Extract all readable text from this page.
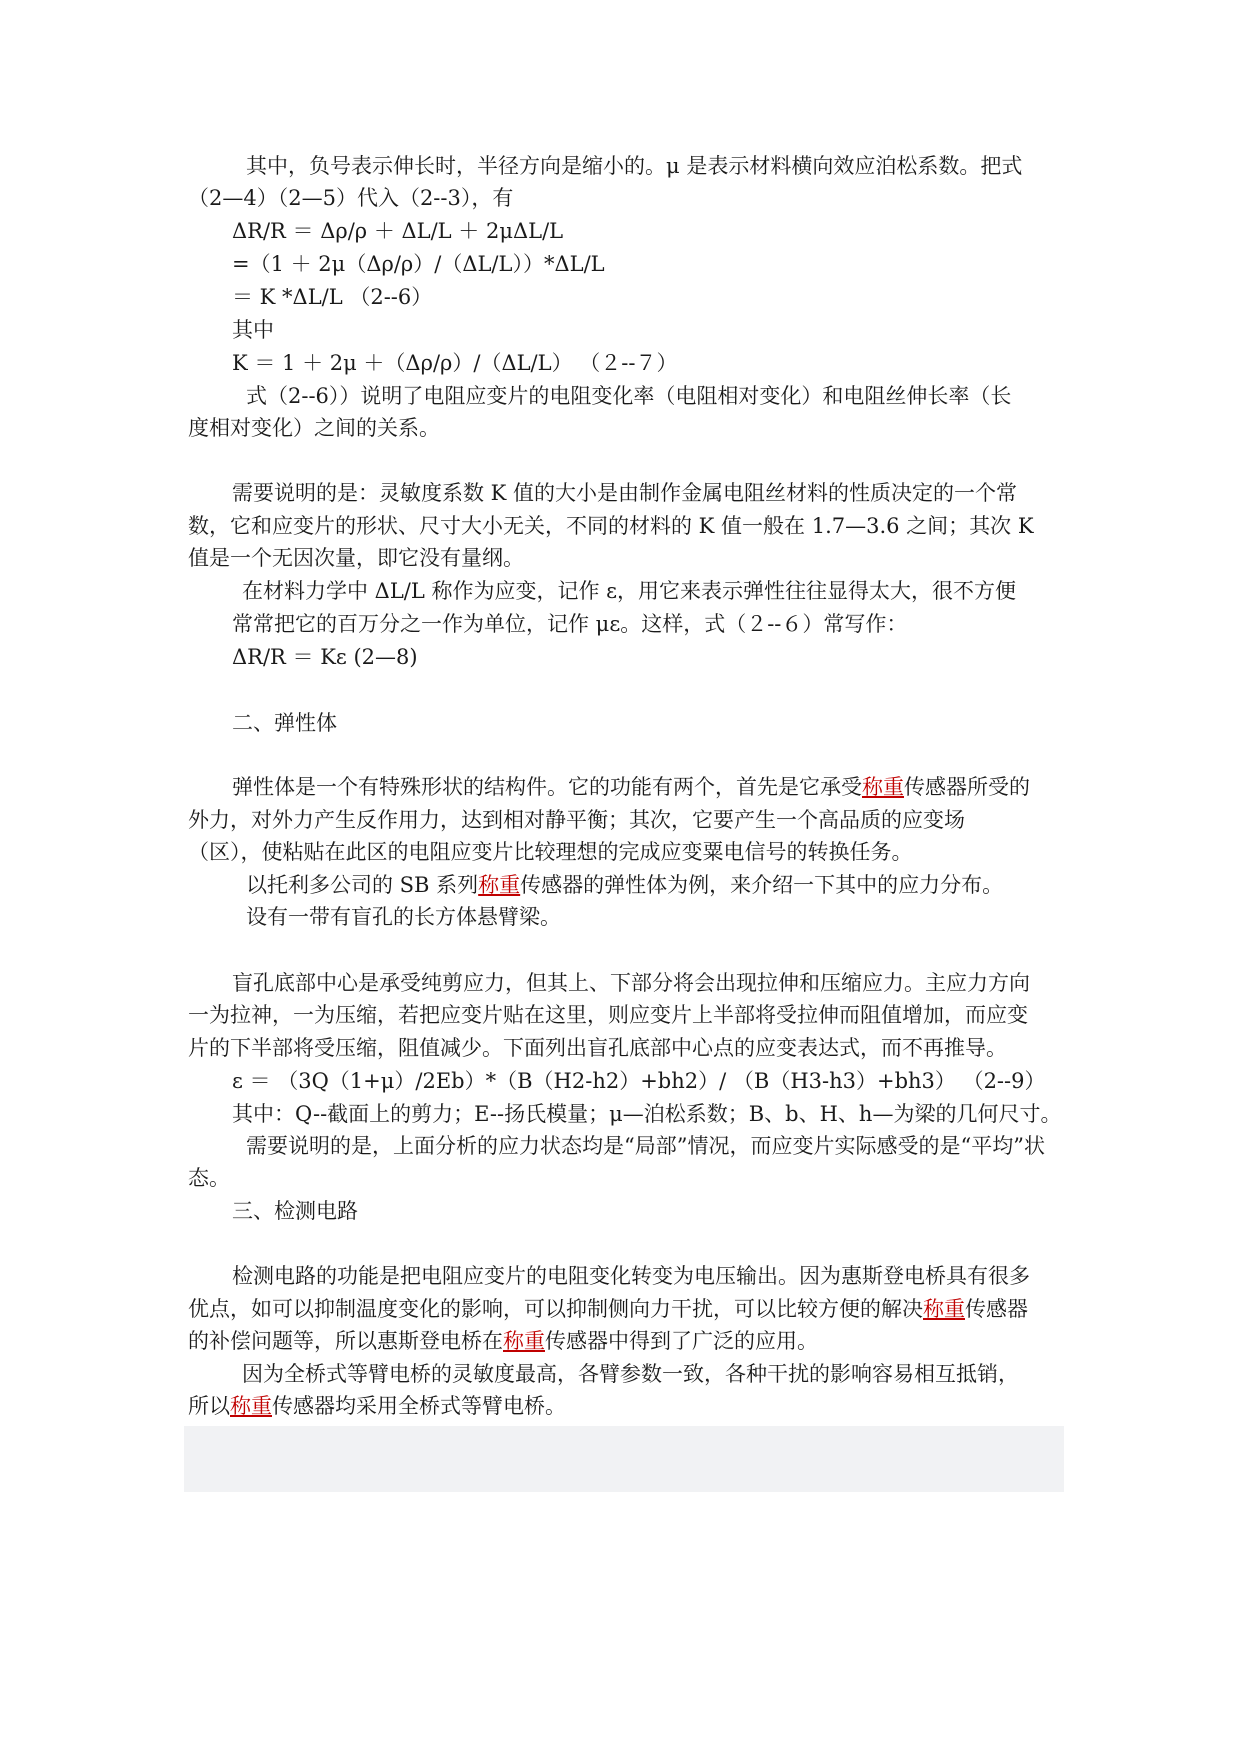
其中，负号表示伸长时，半径方向是缩小的。μ 是表示材料横向效应泊松系数。把式
（2—4）（2—5）代入（2--3），有
ΔR/R ＝ Δρ/ρ ＋ ΔL/L ＋ 2μΔL/L
=（1 ＋ 2μ（Δρ/ρ）/（ΔL/L））*ΔL/L
＝ K *ΔL/L （2--6）
其中
K ＝ 1 ＋ 2μ ＋（Δρ/ρ）/（ΔL/L） （２--７）
式（2--6））说明了电阻应变片的电阻变化率（电阻相对变化）和电阻丝伸长率（长
度相对变化）之间的关系。
需要说明的是：灵敏度系数 K 值的大小是由制作金属电阻丝材料的性质决定的一个常
数，它和应变片的形状、尺寸大小无关，不同的材料的 K 值一般在 1.7—3.6 之间；其次 K
值是一个无因次量，即它没有量纲。
在材料力学中 ΔL/L 称作为应变，记作 ε，用它来表示弹性往往显得太大，很不方便
常常把它的百万分之一作为单位，记作 με。这样，式（２--６）常写作：
ΔR/R ＝ Kε (2—8)
二、弹性体
弹性体是一个有特殊形状的结构件。它的功能有两个，首先是它承受称重传感器所受的
外力，对外力产生反作用力，达到相对静平衡；其次，它要产生一个高品质的应变场
（区），使粘贴在此区的电阻应变片比较理想的完成应变粟电信号的转换任务。
以托利多公司的 SB 系列称重传感器的弹性体为例，来介绍一下其中的应力分布。
设有一带有盲孔的长方体悬臂梁。
盲孔底部中心是承受纯剪应力，但其上、下部分将会出现拉伸和压缩应力。主应力方向
一为拉神，一为压缩，若把应变片贴在这里，则应变片上半部将受拉伸而阻值增加，而应变
片的下半部将受压缩，阻值减少。下面列出盲孔底部中心点的应变表达式，而不再推导。
ε ＝ （3Q（1+μ）/2Eb）*（B（H2-h2）+bh2）/ （B（H3-h3）+bh3） （2--9）
其中：Q--截面上的剪力；E--扬氏模量；μ—泊松系数；B、b、H、h—为梁的几何尺寸。
需要说明的是，上面分析的应力状态均是“局部”情况，而应变片实际感受的是“平均”状
态。
三、检测电路
检测电路的功能是把电阻应变片的电阻变化转变为电压输出。因为惠斯登电桥具有很多
优点，如可以抑制温度变化的影响，可以抑制侧向力干扰，可以比较方便的解决称重传感器
的补偿问题等，所以惠斯登电桥在称重传感器中得到了广泛的应用。
因为全桥式等臂电桥的灵敏度最高，各臂参数一致，各种干扰的影响容易相互抵销，
所以称重传感器均采用全桥式等臂电桥。
